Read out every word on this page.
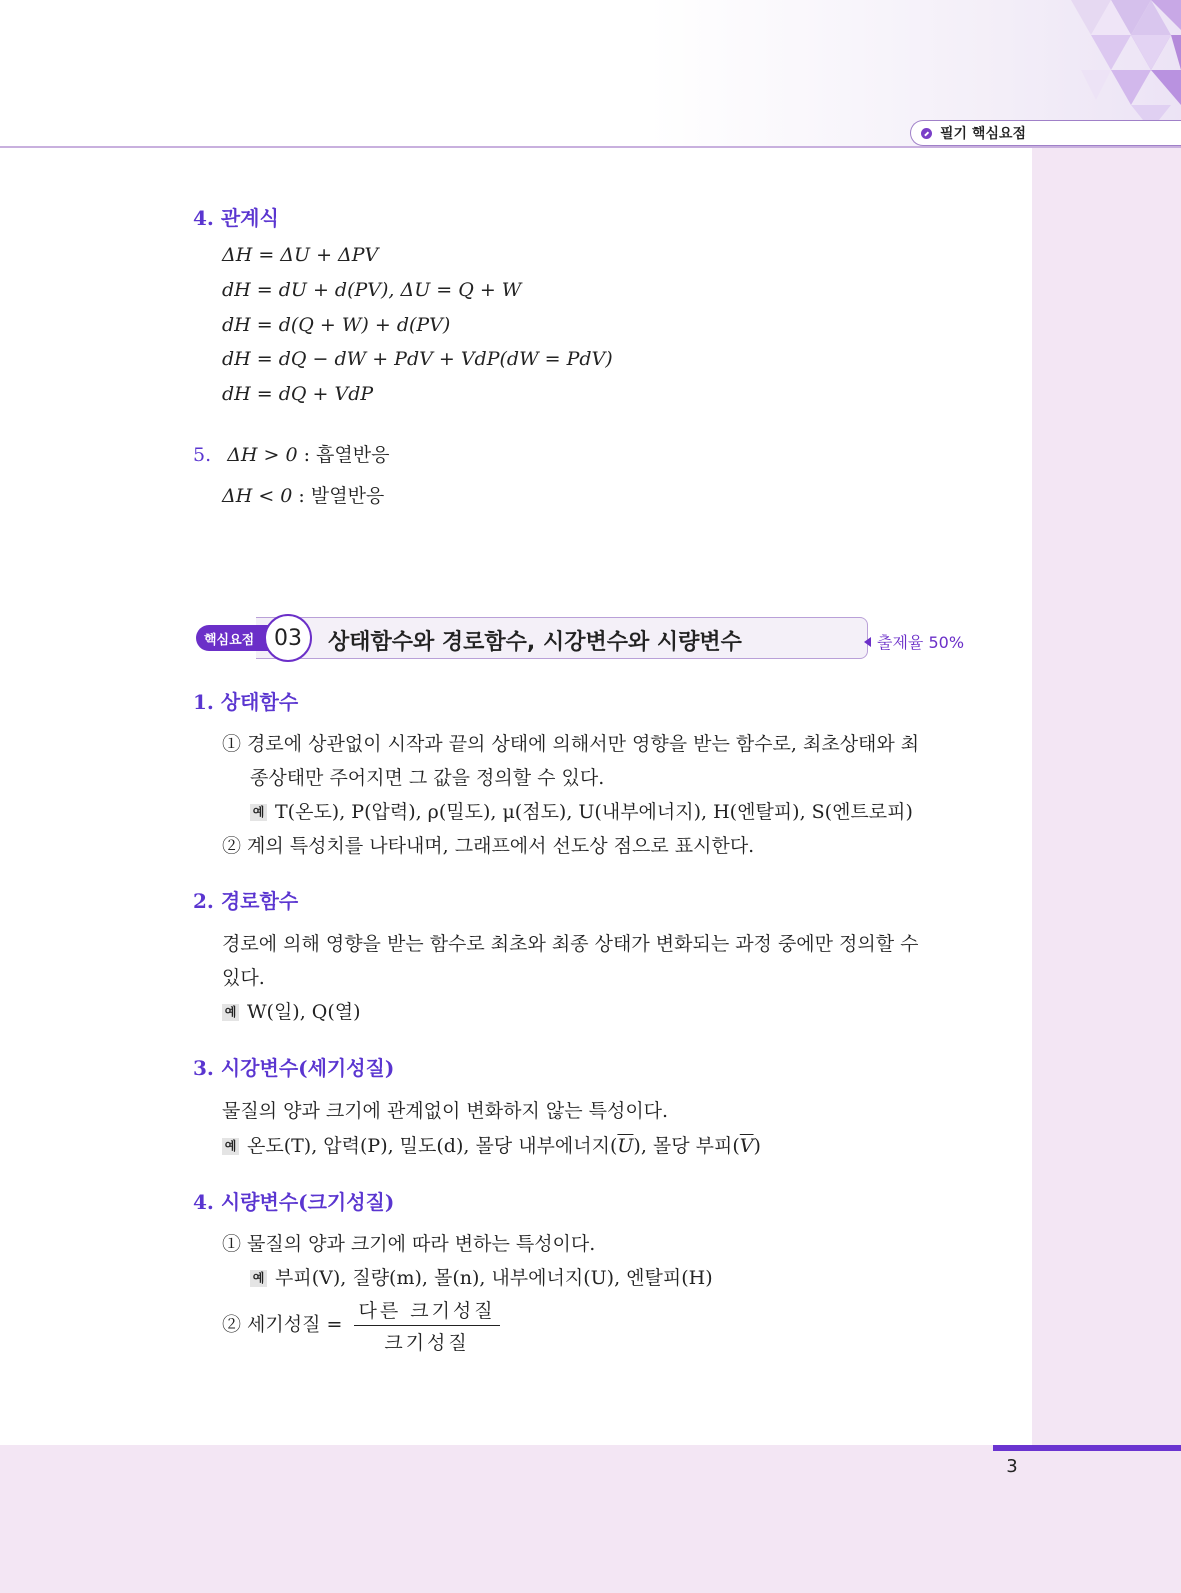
필기 핵심요점
4. 관계식
ΔH = ΔU + ΔPV
dH = dU + d(PV), ΔU = Q + W
dH = d(Q + W) + d(PV)
dH = dQ − dW + PdV + VdP(dW = PdV)
dH = dQ + VdP
5. ΔH > 0 : 흡열반응
ΔH < 0 : 발열반응
핵심요점 03	상태함수와 경로함수, 시강변수와 시량변수	출제율 50%
1. 상태함수
① 경로에 상관없이 시작과 끝의 상태에 의해서만 영향을 받는 함수로, 최초상태와 최
종상태만 주어지면 그 값을 정의할 수 있다.
예 T(온도), P(압력), ρ(밀도), μ(점도), U(내부에너지), H(엔탈피), S(엔트로피)
② 계의 특성치를 나타내며, 그래프에서 선도상 점으로 표시한다.
2. 경로함수
경로에 의해 영향을 받는 함수로 최초와 최종 상태가 변화되는 과정 중에만 정의할 수
있다.
예 W(일), Q(열)
3. 시강변수(세기성질)
물질의 양과 크기에 관계없이 변화하지 않는 특성이다.
예 온도(T), 압력(P), 밀도(d), 몰당 내부에너지$(\overline{U})$, 몰당 부피$(\overline{V})$
4. 시량변수(크기성질)
① 물질의 양과 크기에 따라 변하는 특성이다.
예 부피(V), 질량(m), 몰(n), 내부에너지(U), 엔탈피(H)
② 세기성질 = $\frac{\text{다른 크기성질}}{\text{크기성질}}$
3
